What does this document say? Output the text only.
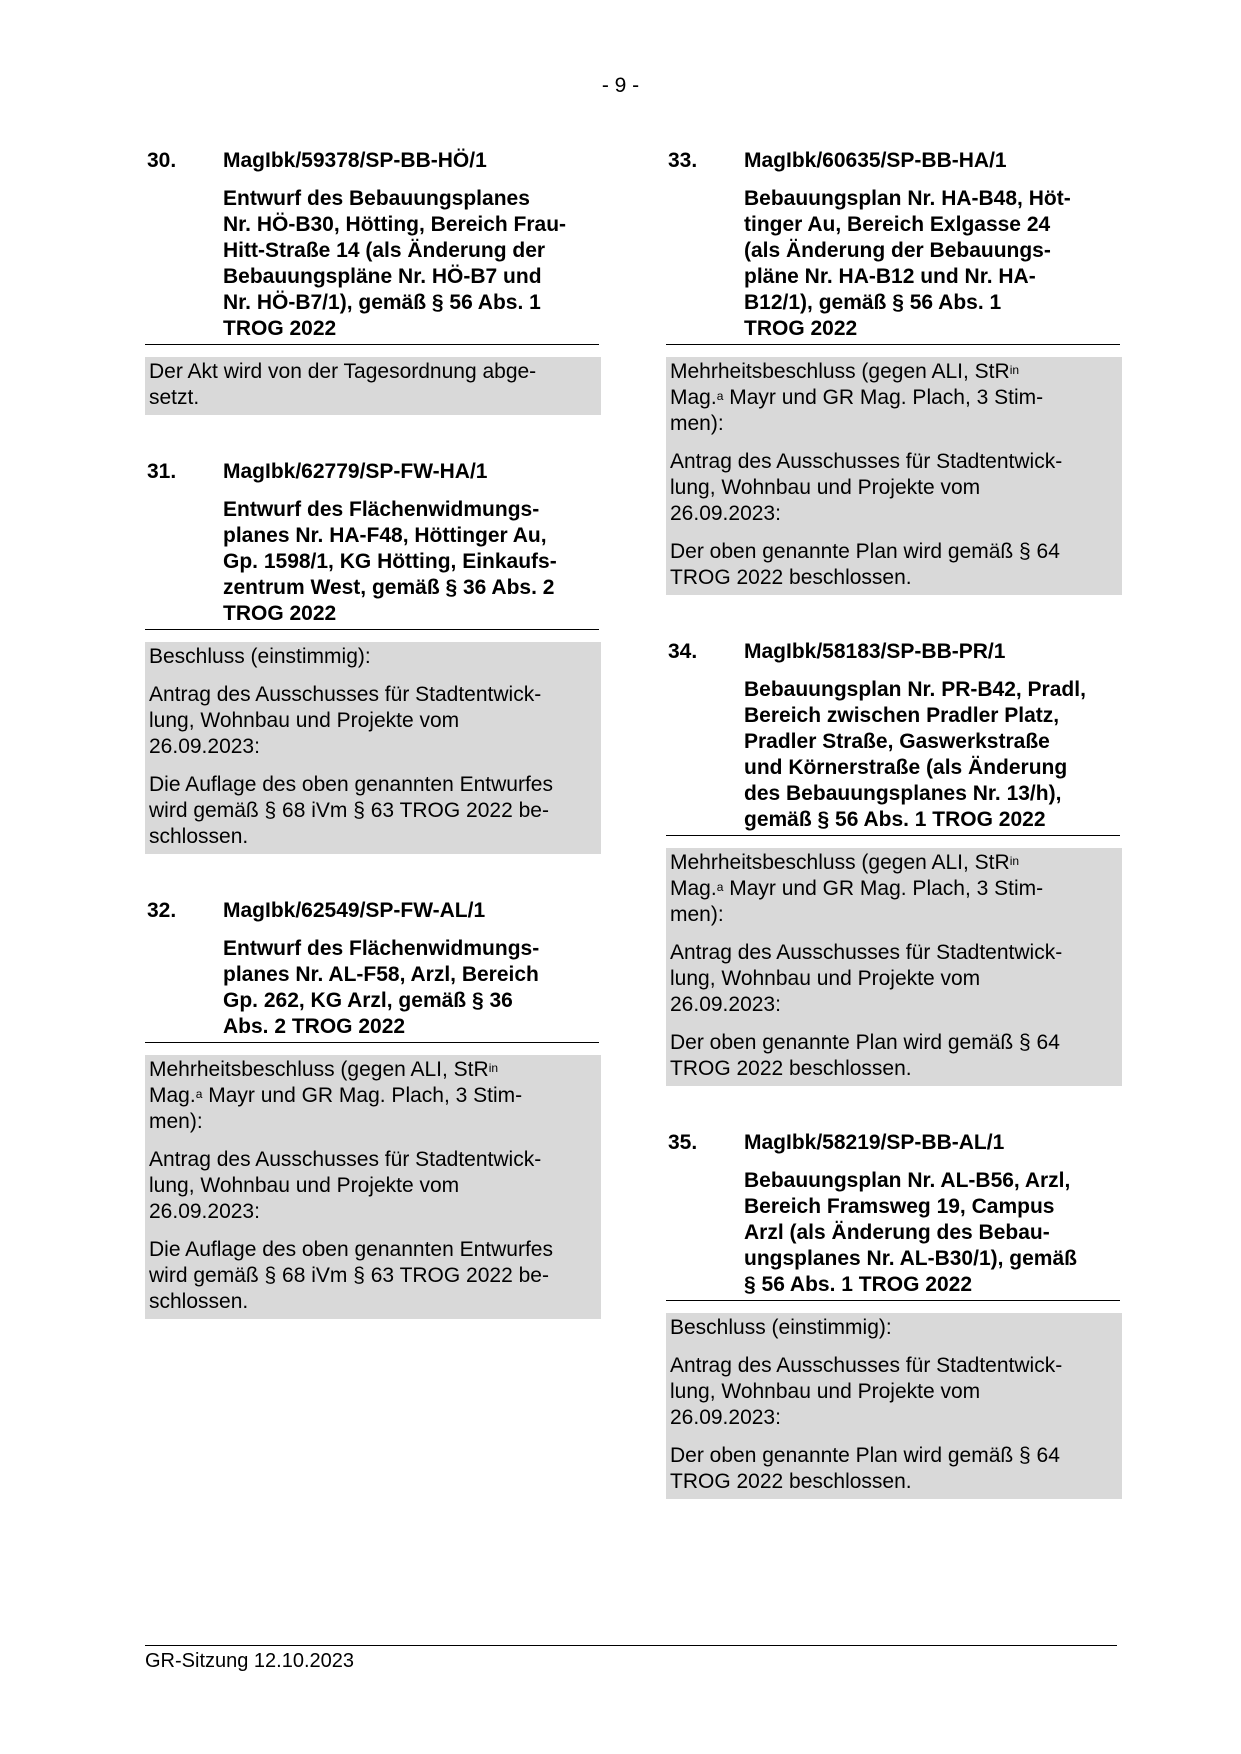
- 9 -
30.	MagIbk/59378/SP-BB-HÖ/1
Entwurf des Bebauungsplanes
Nr. HÖ-B30, Hötting, Bereich Frau-
Hitt-Straße 14 (als Änderung der
Bebauungspläne Nr. HÖ-B7 und
Nr. HÖ-B7/1), gemäß § 56 Abs. 1
TROG 2022
Der Akt wird von der Tagesordnung abge-
setzt.
31.	MagIbk/62779/SP-FW-HA/1
Entwurf des Flächenwidmungs-
planes Nr. HA-F48, Höttinger Au,
Gp. 1598/1, KG Hötting, Einkaufs-
zentrum West, gemäß § 36 Abs. 2
TROG 2022
Beschluss (einstimmig):
Antrag des Ausschusses für Stadtentwick-
lung, Wohnbau und Projekte vom
26.09.2023:
Die Auflage des oben genannten Entwurfes
wird gemäß § 68 iVm § 63 TROG 2022 be-
schlossen.
32.	MagIbk/62549/SP-FW-AL/1
Entwurf des Flächenwidmungs-
planes Nr. AL-F58, Arzl, Bereich
Gp. 262, KG Arzl, gemäß § 36
Abs. 2 TROG 2022
Mehrheitsbeschluss (gegen ALI, StR$^{in}$
Mag.$^a$ Mayr und GR Mag. Plach, 3 Stim-
men):
Antrag des Ausschusses für Stadtentwick-
lung, Wohnbau und Projekte vom
26.09.2023:
Die Auflage des oben genannten Entwurfes
wird gemäß § 68 iVm § 63 TROG 2022 be-
schlossen.
33.	MagIbk/60635/SP-BB-HA/1
Bebauungsplan Nr. HA-B48, Höt-
tinger Au, Bereich Exlgasse 24
(als Änderung der Bebauungs-
pläne Nr. HA-B12 und Nr. HA-
B12/1), gemäß § 56 Abs. 1
TROG 2022
Mehrheitsbeschluss (gegen ALI, StR$^{in}$
Mag.$^a$ Mayr und GR Mag. Plach, 3 Stim-
men):
Antrag des Ausschusses für Stadtentwick-
lung, Wohnbau und Projekte vom
26.09.2023:
Der oben genannte Plan wird gemäß § 64
TROG 2022 beschlossen.
34.	MagIbk/58183/SP-BB-PR/1
Bebauungsplan Nr. PR-B42, Pradl,
Bereich zwischen Pradler Platz,
Pradler Straße, Gaswerkstraße
und Körnerstraße (als Änderung
des Bebauungsplanes Nr. 13/h),
gemäß § 56 Abs. 1 TROG 2022
Mehrheitsbeschluss (gegen ALI, StR$^{in}$
Mag.$^a$ Mayr und GR Mag. Plach, 3 Stim-
men):
Antrag des Ausschusses für Stadtentwick-
lung, Wohnbau und Projekte vom
26.09.2023:
Der oben genannte Plan wird gemäß § 64
TROG 2022 beschlossen.
35.	MagIbk/58219/SP-BB-AL/1
Bebauungsplan Nr. AL-B56, Arzl,
Bereich Framsweg 19, Campus
Arzl (als Änderung des Bebau-
ungsplanes Nr. AL-B30/1), gemäß
§ 56 Abs. 1 TROG 2022
Beschluss (einstimmig):
Antrag des Ausschusses für Stadtentwick-
lung, Wohnbau und Projekte vom
26.09.2023:
Der oben genannte Plan wird gemäß § 64
TROG 2022 beschlossen.
GR-Sitzung 12.10.2023
